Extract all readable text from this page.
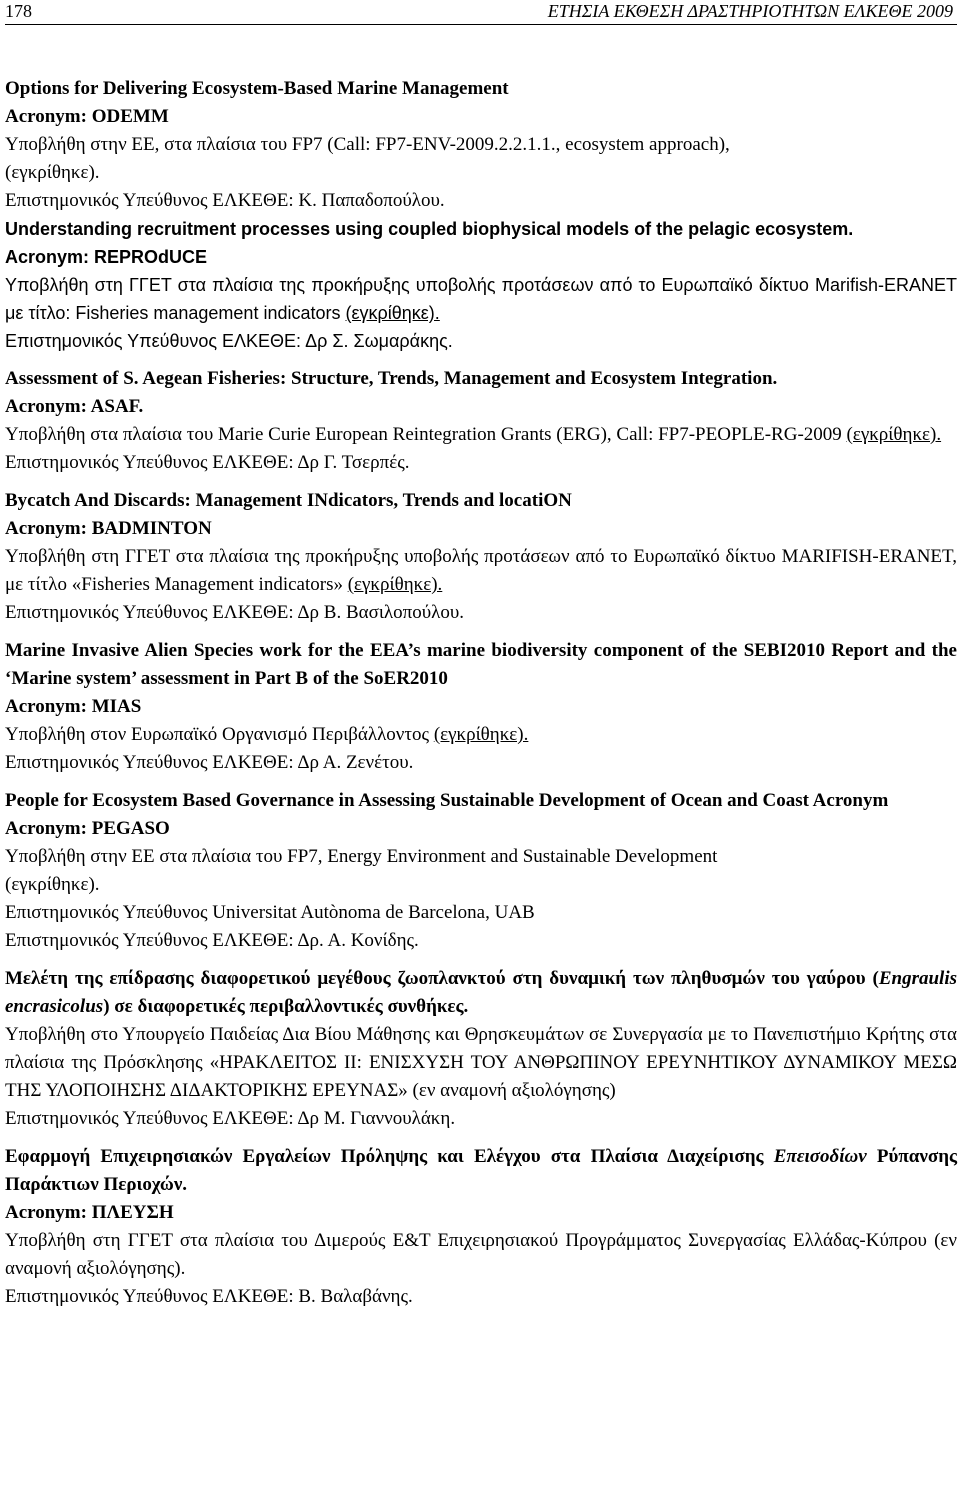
178	ΕΤΗΣΙΑ ΕΚΘΕΣΗ ΔΡΑΣΤΗΡΙΟΤΗΤΩΝ ΕΛΚΕΘΕ 2009
Options for Delivering Ecosystem-Based Marine Management
Acronym: ODEMM
Υποβλήθη στην ΕΕ, στα πλαίσια του FP7 (Call: FP7-ENV-2009.2.2.1.1., ecosystem approach),
(εγκρίθηκε).
Επιστημονικός Υπεύθυνος ΕΛΚΕΘΕ: Κ. Παπαδοπούλου.
Understanding recruitment processes using coupled biophysical models of the pelagic ecosystem.
Acronym: REPROdUCE
Υποβλήθη στη ΓΓΕΤ στα πλαίσια της προκήρυξης υποβολής προτάσεων από το Ευρωπαϊκό δίκτυο Marifish-ERANET με τίτλο: Fisheries management indicators (εγκρίθηκε).
Επιστημονικός Υπεύθυνος ΕΛΚΕΘΕ: Δρ Σ. Σωμαράκης.
Assessment of S. Aegean Fisheries: Structure, Trends, Management and Ecosystem Integration.
Acronym: ASAF.
Υποβλήθη στα πλαίσια του Marie Curie European Reintegration Grants (ERG), Call: FP7-PEOPLE-RG-2009 (εγκρίθηκε).
Επιστημονικός Υπεύθυνος ΕΛΚΕΘΕ: Δρ Γ. Τσερπές.
Bycatch And Discards: Management INdicators, Trends and locatiON
Acronym: BADMINTON
Υποβλήθη στη ΓΓΕΤ στα πλαίσια της προκήρυξης υποβολής προτάσεων από το Ευρωπαϊκό δίκτυο MARIFISH-ERANET, με τίτλο «Fisheries Management indicators» (εγκρίθηκε).
Επιστημονικός Υπεύθυνος ΕΛΚΕΘΕ: Δρ Β. Βασιλοπούλου.
Marine Invasive Alien Species work for the EEA’s marine biodiversity component of the SEBI2010 Report and the ‘Marine system’ assessment in Part B of the SoER2010
Acronym: MIAS
Υποβλήθη στον Ευρωπαϊκό Οργανισμό Περιβάλλοντος (εγκρίθηκε).
Επιστημονικός Υπεύθυνος ΕΛΚΕΘΕ: Δρ Α. Ζενέτου.
People for Ecosystem Based Governance in Assessing Sustainable Development of Ocean and Coast Acronym
Acronym: PEGASO
Υποβλήθη στην ΕΕ στα πλαίσια του FP7, Energy Environment and Sustainable Development
(εγκρίθηκε).
Επιστημονικός Υπεύθυνος Universitat Autònoma de Barcelona, UAB
Επιστημονικός Υπεύθυνος ΕΛΚΕΘΕ: Δρ. Α. Κονίδης.
Μελέτη της επίδρασης διαφορετικού μεγέθους ζωοπλανκτού στη δυναμική των πληθυσμών του γαύρου (Engraulis encrasicolus) σε διαφορετικές περιβαλλοντικές συνθήκες.
Υποβλήθη στο Υπουργείο Παιδείας Δια Βίου Μάθησης και Θρησκευμάτων σε Συνεργασία με το Πανεπιστήμιο Κρήτης στα πλαίσια της Πρόσκλησης «ΗΡΑΚΛΕΙΤΟΣ ΙΙ: ΕΝΙΣΧΥΣΗ ΤΟΥ ΑΝΘΡΩΠΙΝΟΥ ΕΡΕΥΝΗΤΙΚΟΥ ΔΥΝΑΜΙΚΟΥ ΜΕΣΩ ΤΗΣ ΥΛΟΠΟΙΗΣΗΣ ΔΙΔΑΚΤΟΡΙΚΗΣ ΕΡΕΥΝΑΣ» (εν αναμονή αξιολόγησης)
Επιστημονικός Υπεύθυνος ΕΛΚΕΘΕ: Δρ Μ. Γιαννουλάκη.
Εφαρμογή Επιχειρησιακών Εργαλείων Πρόληψης και Ελέγχου στα Πλαίσια Διαχείρισης Επεισοδίων Ρύπανσης Παράκτιων Περιοχών.
Acronym: ΠΛΕΥΣΗ
Υποβλήθη στη ΓΓΕΤ στα πλαίσια του Διμερούς Ε&Τ Επιχειρησιακού Προγράμματος Συνεργασίας Ελλάδας-Κύπρου (εν αναμονή αξιολόγησης).
Επιστημονικός Υπεύθυνος ΕΛΚΕΘΕ: Β. Βαλαβάνης.
